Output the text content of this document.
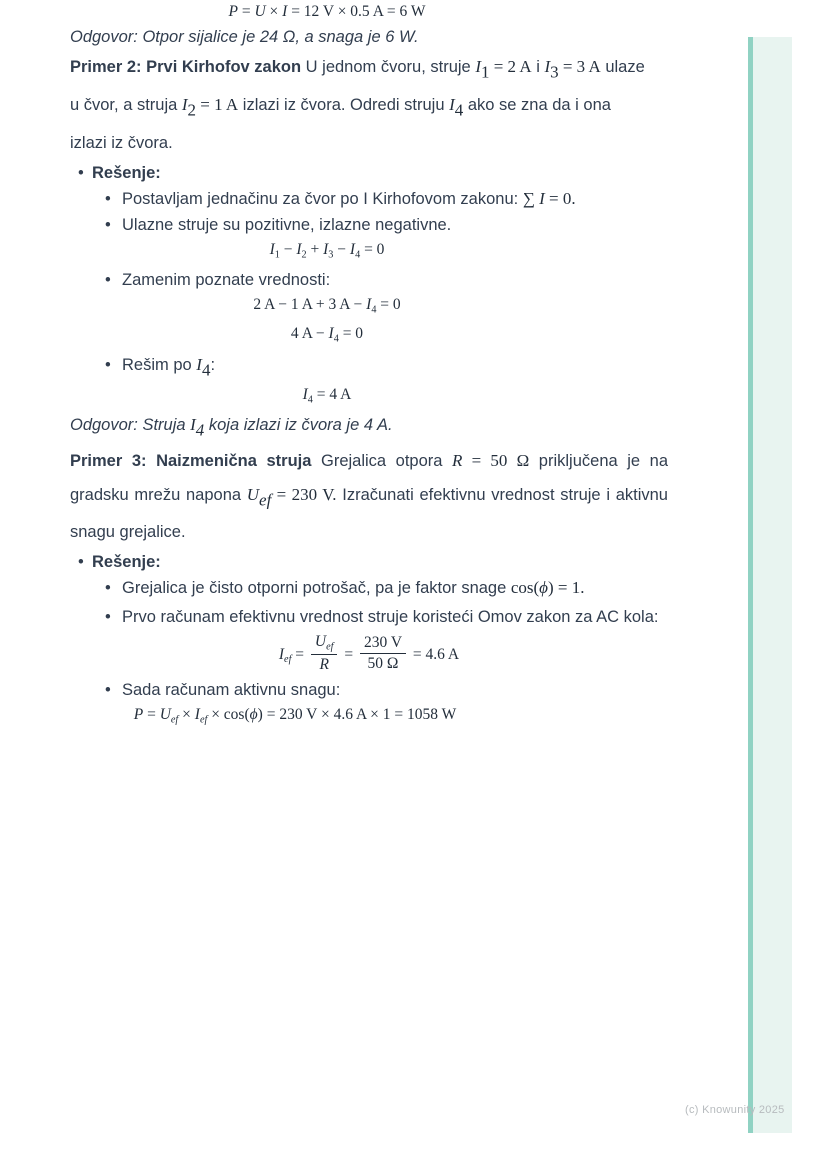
P = U × I = 12 V × 0.5 A = 6 W

Odgovor: Otpor sijalice je 24 Ω, a snaga je 6 W.

Primer 2: Prvi Kirhofov zakon U jednom čvoru, struje I1 = 2 A i I3 = 3 A ulaze u čvor, a struja I2 = 1 A izlazi iz čvora. Odredi struju I4 ako se zna da i ona izlazi iz čvora.

•
Rešenje:
•
Postavljam jednačinu za čvor po I Kirhofovom zakonu: ∑ I = 0.
•
Ulazne struje su pozitivne, izlazne negativne.
$I_1 - I_2 + I_3 - I_4 = 0$
•
Zamenim poznate vrednosti:
2 A − 1 A + 3 $A - I_4 = 0$
4 $A - I_4 = 0$
•
Rešim po I4:
$I_4 = 4$ A

Odgovor: Struja I4 koja izlazi iz čvora je 4 A.

Primer 3: Naizmenična struja Grejalica otpora R = 50 Ω priključena je na gradsku mrežu napona Uef = 230 V. Izračunati efektivnu vrednost struje i aktivnu snagu grejalice.

•
Rešenje:
•
Grejalica je čisto otporni potrošač, pa je faktor snage cos(ϕ) = 1.
•
Prvo računam efektivnu vrednost struje koristeći Omov zakon za AC kola:
$I_{ef} = \frac{U_{ef}}{R} = \frac{230 V}{50 \Omega} = 4.6$ A
•
Sada računam aktivnu snagu:
$P = U_{ef} \times I_{ef} \times \cos(\phi) = 230$ V × 4.6 A × 1 = 1058 W
(c) Knowunity 2025
